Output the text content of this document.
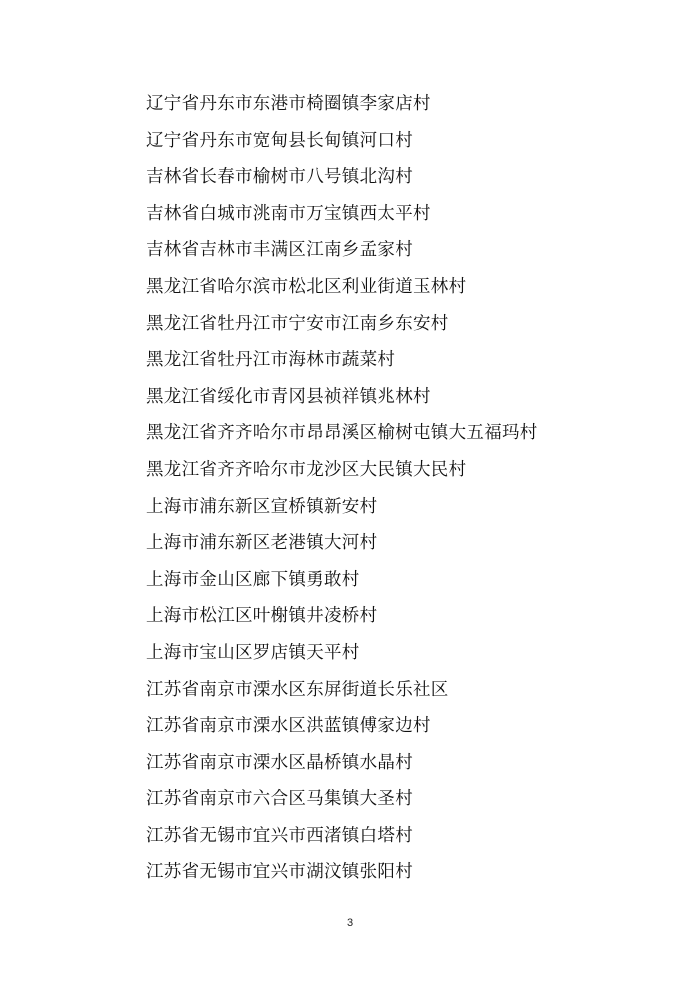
辽宁省丹东市东港市椅圈镇李家店村
辽宁省丹东市宽甸县长甸镇河口村
吉林省长春市榆树市八号镇北沟村
吉林省白城市洮南市万宝镇西太平村
吉林省吉林市丰满区江南乡孟家村
黑龙江省哈尔滨市松北区利业街道玉林村
黑龙江省牡丹江市宁安市江南乡东安村
黑龙江省牡丹江市海林市蔬菜村
黑龙江省绥化市青冈县祯祥镇兆林村
黑龙江省齐齐哈尔市昂昂溪区榆树屯镇大五福玛村
黑龙江省齐齐哈尔市龙沙区大民镇大民村
上海市浦东新区宣桥镇新安村
上海市浦东新区老港镇大河村
上海市金山区廊下镇勇敢村
上海市松江区叶榭镇井凌桥村
上海市宝山区罗店镇天平村
江苏省南京市溧水区东屏街道长乐社区
江苏省南京市溧水区洪蓝镇傅家边村
江苏省南京市溧水区晶桥镇水晶村
江苏省南京市六合区马集镇大圣村
江苏省无锡市宜兴市西渚镇白塔村
江苏省无锡市宜兴市湖汶镇张阳村
3
